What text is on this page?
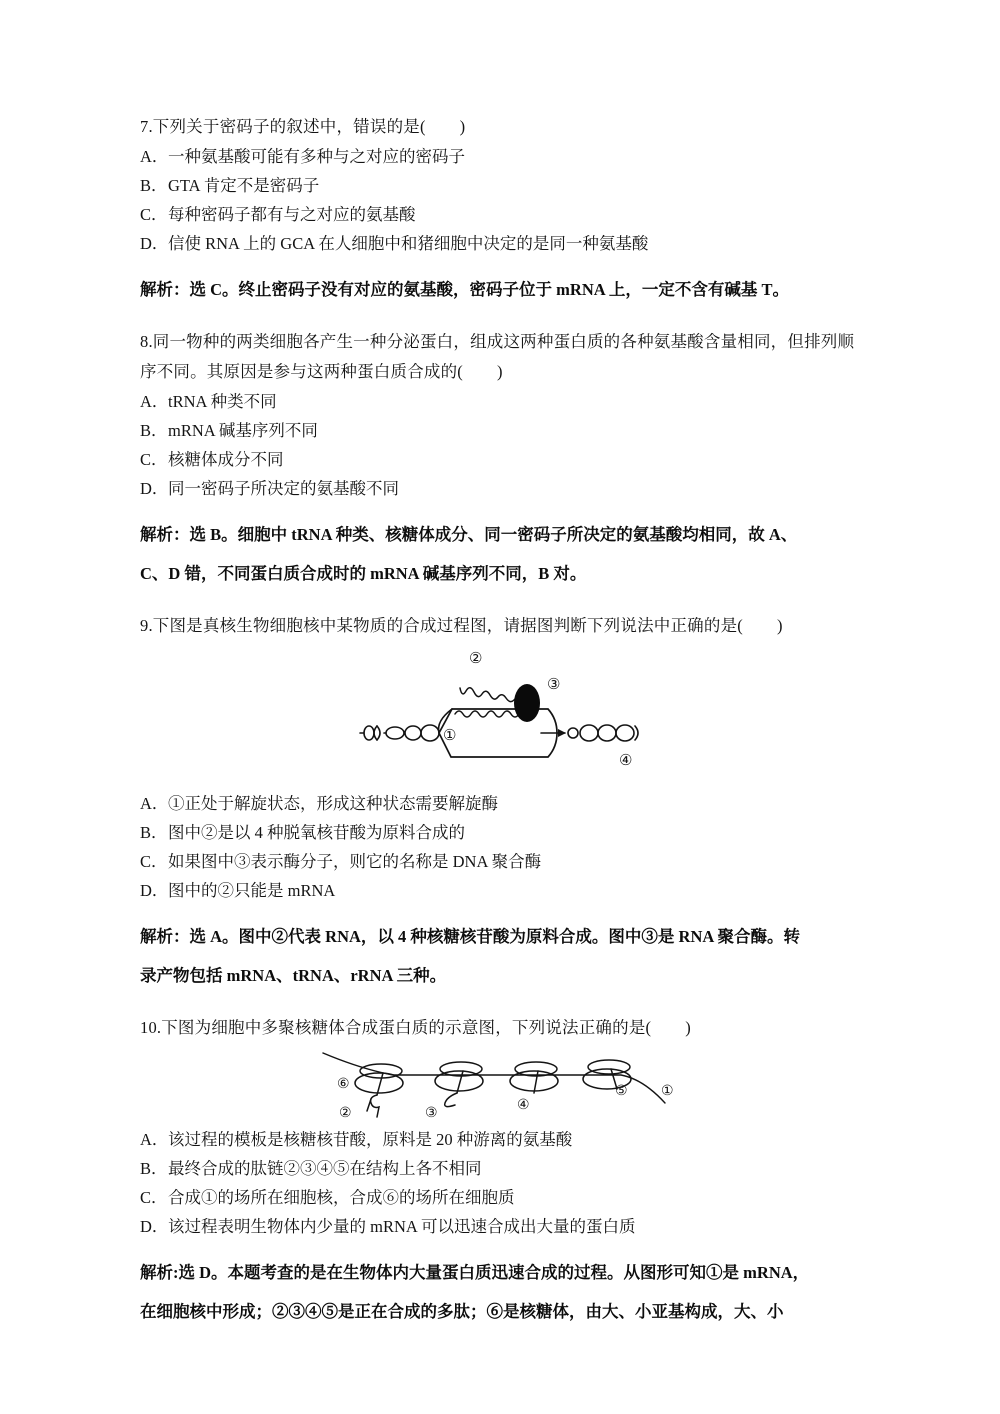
7.下列关于密码子的叙述中，错误的是( )

A．一种氨基酸可能有多种与之对应的密码子

B．GTA 肯定不是密码子

C．每种密码子都有与之对应的氨基酸

D．信使 RNA 上的 GCA 在人细胞中和猪细胞中决定的是同一种氨基酸

解析：选 C。终止密码子没有对应的氨基酸，密码子位于 mRNA 上，一定不含有碱基 T。

8.同一物种的两类细胞各产生一种分泌蛋白，组成这两种蛋白质的各种氨基酸含量相同，但排列顺序不同。其原因是参与这两种蛋白质合成的( )

A．tRNA 种类不同

B．mRNA 碱基序列不同

C．核糖体成分不同

D．同一密码子所决定的氨基酸不同

解析：选 B。细胞中 tRNA 种类、核糖体成分、同一密码子所决定的氨基酸均相同，故 A、

C、D 错，不同蛋白质合成时的 mRNA 碱基序列不同，B 对。

9.下图是真核生物细胞核中某物质的合成过程图，请据图判断下列说法中正确的是( )

②
③
①
④

A．①正处于解旋状态，形成这种状态需要解旋酶

B．图中②是以 4 种脱氧核苷酸为原料合成的

C．如果图中③表示酶分子，则它的名称是 DNA 聚合酶

D．图中的②只能是 mRNA

解析：选 A。图中②代表 RNA，以 4 种核糖核苷酸为原料合成。图中③是 RNA 聚合酶。转

录产物包括 mRNA、tRNA、rRNA 三种。

10.下图为细胞中多聚核糖体合成蛋白质的示意图，下列说法正确的是( )

⑥
②	③
④
⑤ ①

A．该过程的模板是核糖核苷酸，原料是 20 种游离的氨基酸

B．最终合成的肽链②③④⑤在结构上各不相同

C．合成①的场所在细胞核，合成⑥的场所在细胞质

D．该过程表明生物体内少量的 mRNA 可以迅速合成出大量的蛋白质

解析:选 D。本题考查的是在生物体内大量蛋白质迅速合成的过程。从图形可知①是 mRNA，

在细胞核中形成；②③④⑤是正在合成的多肽；⑥是核糖体，由大、小亚基构成，大、小
